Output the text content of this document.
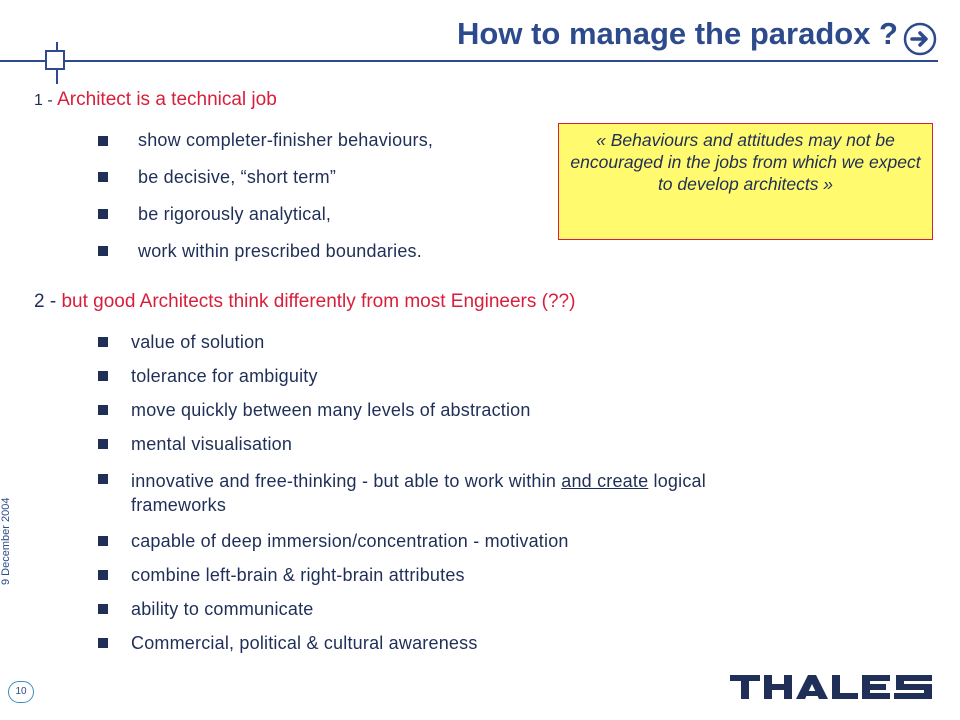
How to manage the paradox ?
1 - Architect is a technical job
show completer-finisher behaviours,
be decisive, “short term”
be rigorously analytical,
work within prescribed boundaries.
« Behaviours and attitudes may not be encouraged in the jobs from which we expect to develop architects »
2 - but good Architects think differently from most Engineers (??)
value of solution
tolerance for ambiguity
move quickly between many levels of abstraction
mental visualisation
innovative and free-thinking - but able to work within and create logical
frameworks
capable of deep immersion/concentration - motivation
combine left-brain & right-brain attributes
ability to communicate
Commercial, political & cultural awareness
9 December 2004
10
